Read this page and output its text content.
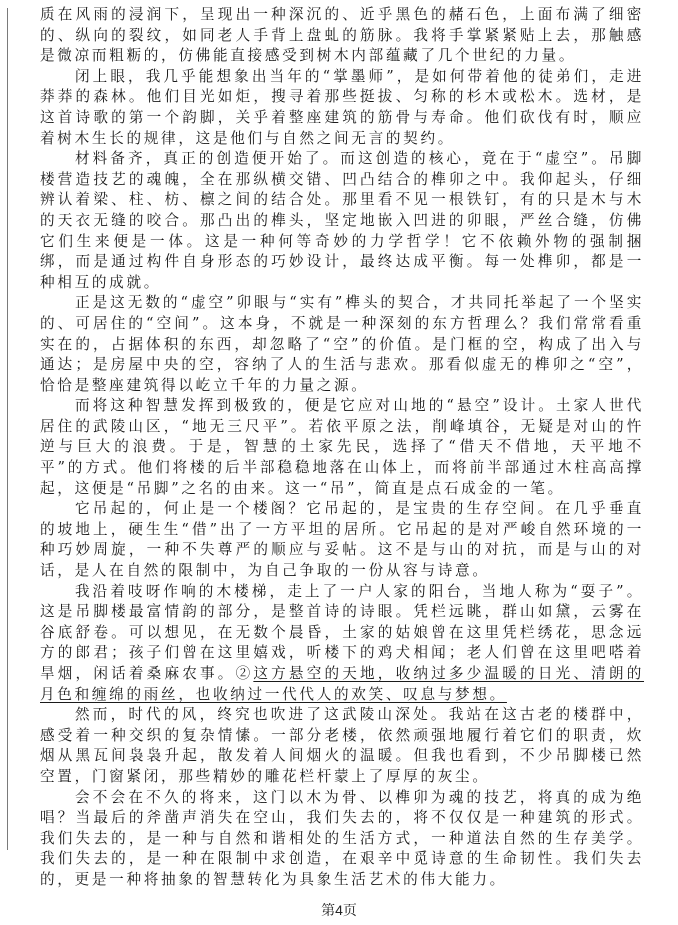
质在风雨的浸润下，呈现出一种深沉的、近乎黑色的赭石色，上面布满了细密的、纵向的裂纹，如同老人手背上盘虬的筋脉。我将手掌紧紧贴上去，那触感是微凉而粗粝的，仿佛能直接感受到树木内部蕴藏了几个世纪的力量。

闭上眼，我几乎能想象出当年的“掌墨师”，是如何带着他的徒弟们，走进莽莽的森林。他们目光如炬，搜寻着那些挺拔、匀称的杉木或松木。选材，是这首诗歌的第一个韵脚，关乎着整座建筑的筋骨与寿命。他们砍伐有时，顺应着树木生长的规律，这是他们与自然之间无言的契约。

材料备齐，真正的创造便开始了。而这创造的核心，竟在于“虚空”。吊脚楼营造技艺的魂魄，全在那纵横交错、凹凸结合的榫卯之中。我仰起头，仔细辨认着梁、柱、枋、檩之间的结合处。那里看不见一根铁钉，有的只是木与木的天衣无缝的咬合。那凸出的榫头，坚定地嵌入凹进的卯眼，严丝合缝，仿佛它们生来便是一体。这是一种何等奇妙的力学哲学！它不依赖外物的强制捆绑，而是通过构件自身形态的巧妙设计，最终达成平衡。每一处榫卯，都是一种相互的成就。

正是这无数的“虚空”卯眼与“实有”榫头的契合，才共同托举起了一个坚实的、可居住的“空间”。这本身，不就是一种深刻的东方哲理么？我们常常看重实在的，占据体积的东西，却忽略了“空”的价值。是门框的空，构成了出入与通达；是房屋中央的空，容纳了人的生活与悲欢。那看似虚无的榫卯之“空”，恰恰是整座建筑得以屹立千年的力量之源。

而将这种智慧发挥到极致的，便是它应对山地的“悬空”设计。土家人世代居住的武陵山区，“地无三尺平”。若依平原之法，削峰填谷，无疑是对山的忤逆与巨大的浪费。于是，智慧的土家先民，选择了“借天不借地，天平地不平”的方式。他们将楼的后半部稳稳地落在山体上，而将前半部通过木柱高高撑起，这便是“吊脚”之名的由来。这一“吊”，简直是点石成金的一笔。

它吊起的，何止是一个楼阁？它吊起的，是宝贵的生存空间。在几乎垂直的坡地上，硬生生“借”出了一方平坦的居所。它吊起的是对严峻自然环境的一种巧妙周旋，一种不失尊严的顺应与妥帖。这不是与山的对抗，而是与山的对话，是人在自然的限制中，为自己争取的一份从容与诗意。

我沿着吱呀作响的木楼梯，走上了一户人家的阳台，当地人称为“耍子”。这是吊脚楼最富情韵的部分，是整首诗的诗眼。凭栏远眺，群山如黛，云雾在谷底舒卷。可以想见，在无数个晨昏，土家的姑娘曾在这里凭栏绣花，思念远方的郎君；孩子们曾在这里嬉戏，听楼下的鸡犬相闻；老人们曾在这里吧嗒着旱烟，闲话着桑麻农事。②这方悬空的天地，收纳过多少温暖的日光、清朗的月色和缠绵的雨丝，也收纳过一代代人的欢笑、叹息与梦想。

然而，时代的风，终究也吹进了这武陵山深处。我站在这古老的楼群中，感受着一种交织的复杂情愫。一部分老楼，依然顽强地履行着它们的职责，炊烟从黑瓦间袅袅升起，散发着人间烟火的温暖。但我也看到，不少吊脚楼已然空置，门窗紧闭，那些精妙的雕花栏杆蒙上了厚厚的灰尘。

会不会在不久的将来，这门以木为骨、以榫卯为魂的技艺，将真的成为绝唱？当最后的斧凿声消失在空山，我们失去的，将不仅仅是一种建筑的形式。我们失去的，是一种与自然和谐相处的生活方式，一种道法自然的生存美学。我们失去的，是一种在限制中求创造，在艰辛中觅诗意的生命韧性。我们失去的，更是一种将抽象的智慧转化为具象生活艺术的伟大能力。

第4页
